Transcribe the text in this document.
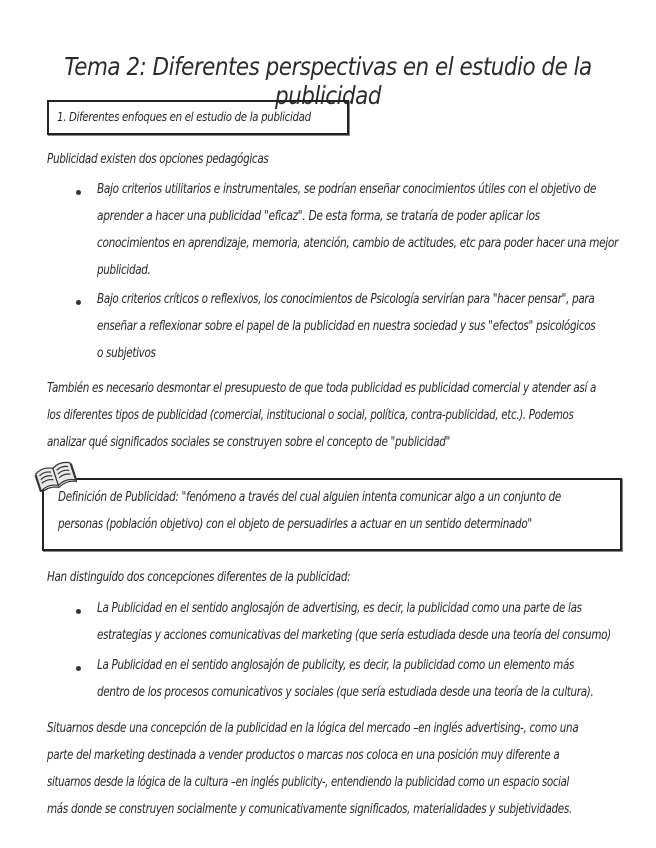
Tema 2: Diferentes perspectivas en el estudio de la publicidad
1. Diferentes enfoques en el estudio de la publicidad
Publicidad existen dos opciones pedagógicas
Bajo criterios utilitarios e instrumentales, se podrían enseñar conocimientos útiles con el objetivo de
aprender a hacer una publicidad "eficaz". De esta forma, se trataría de poder aplicar los
conocimientos en aprendizaje, memoria, atención, cambio de actitudes, etc para poder hacer una mejor
publicidad.
Bajo criterios críticos o reflexivos, los conocimientos de Psicología servirían para "hacer pensar", para
enseñar a reflexionar sobre el papel de la publicidad en nuestra sociedad y sus "efectos" psicológicos
o subjetivos
También es necesario desmontar el presupuesto de que toda publicidad es publicidad comercial y atender así a
los diferentes tipos de publicidad (comercial, institucional o social, política, contra-publicidad, etc.). Podemos
analizar qué significados sociales se construyen sobre el concepto de "publicidad"
Definición de Publicidad: "fenómeno a través del cual alguien intenta comunicar algo a un conjunto de
personas (población objetivo) con el objeto de persuadirles a actuar en un sentido determinado"
Han distinguido dos concepciones diferentes de la publicidad:
La Publicidad en el sentido anglosajón de advertising, es decir, la publicidad como una parte de las
estrategias y acciones comunicativas del marketing (que sería estudiada desde una teoría del consumo)
La Publicidad en el sentido anglosajón de publicity, es decir, la publicidad como un elemento más
dentro de los procesos comunicativos y sociales (que sería estudiada desde una teoría de la cultura).
Situarnos desde una concepción de la publicidad en la lógica del mercado –en inglés advertising-, como una
parte del marketing destinada a vender productos o marcas nos coloca en una posición muy diferente a
situarnos desde la lógica de la cultura –en inglés publicity-, entendiendo la publicidad como un espacio social
más donde se construyen socialmente y comunicativamente significados, materialidades y subjetividades.
